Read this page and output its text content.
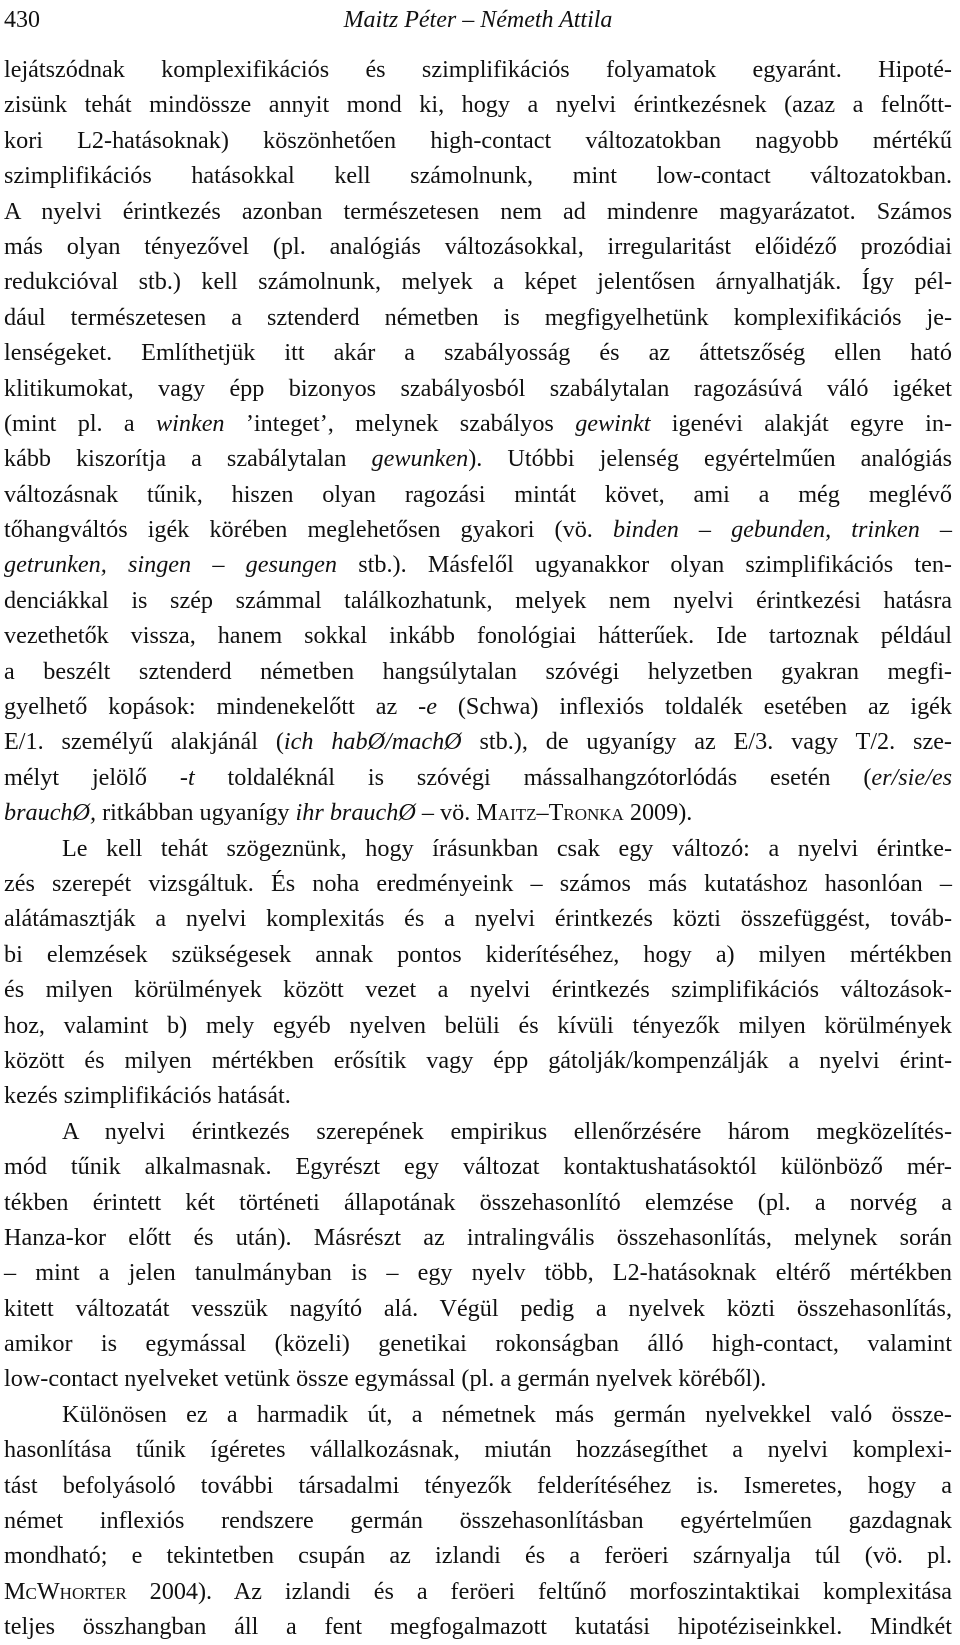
430	Maitz Péter – Németh Attila
lejátszódnak komplexifikációs és szimplifikációs folyamatok egyaránt. Hipoté-
zisünk tehát mindössze annyit mond ki, hogy a nyelvi érintkezésnek (azaz a felnőtt-
kori L2-hatásoknak) köszönhetően high-contact változatokban nagyobb mértékű
szimplifikációs hatásokkal kell számolnunk, mint low-contact változatokban.
A nyelvi érintkezés azonban természetesen nem ad mindenre magyarázatot. Számos
más olyan tényezővel (pl. analógiás változásokkal, irregularitást előidéző prozódiai
redukcióval stb.) kell számolnunk, melyek a képet jelentősen árnyalhatják. Így pél-
dául természetesen a sztenderd németben is megfigyelhetünk komplexifikációs je-
lenségeket. Említhetjük itt akár a szabályosság és az áttetszőség ellen ható
klitikumokat, vagy épp bizonyos szabályosból szabálytalan ragozásúvá váló igéket
(mint pl. a winken ’integet’, melynek szabályos gewinkt igenévi alakját egyre in-
kább kiszorítja a szabálytalan gewunken). Utóbbi jelenség egyértelműen analógiás
változásnak tűnik, hiszen olyan ragozási mintát követ, ami a még meglévő
tőhangváltós igék körében meglehetősen gyakori (vö. binden – gebunden, trinken –
getrunken, singen – gesungen stb.). Másfelől ugyanakkor olyan szimplifikációs ten-
denciákkal is szép számmal találkozhatunk, melyek nem nyelvi érintkezési hatásra
vezethetők vissza, hanem sokkal inkább fonológiai hátterűek. Ide tartoznak például
a beszélt sztenderd németben hangsúlytalan szóvégi helyzetben gyakran megfi-
gyelhető kopások: mindenekelőtt az -e (Schwa) inflexiós toldalék esetében az igék
E/1. személyű alakjánál (ich habØ/machØ stb.), de ugyanígy az E/3. vagy T/2. sze-
mélyt jelölő -t toldaléknál is szóvégi mássalhangzótorlódás esetén (er/sie/es
brauchØ, ritkábban ugyanígy ihr brauchØ – vö. Maitz–Tronka 2009).
Le kell tehát szögeznünk, hogy írásunkban csak egy változó: a nyelvi érintke-
zés szerepét vizsgáltuk. És noha eredményeink – számos más kutatáshoz hasonlóan –
alátámasztják a nyelvi komplexitás és a nyelvi érintkezés közti összefüggést, továb-
bi elemzések szükségesek annak pontos kiderítéséhez, hogy a) milyen mértékben
és milyen körülmények között vezet a nyelvi érintkezés szimplifikációs változások-
hoz, valamint b) mely egyéb nyelven belüli és kívüli tényezők milyen körülmények
között és milyen mértékben erősítik vagy épp gátolják/kompenzálják a nyelvi érint-
kezés szimplifikációs hatását.
A nyelvi érintkezés szerepének empirikus ellenőrzésére három megközelítés-
mód tűnik alkalmasnak. Egyrészt egy változat kontaktushatásoktól különböző mér-
tékben érintett két történeti állapotának összehasonlító elemzése (pl. a norvég a
Hanza-kor előtt és után). Másrészt az intralingvális összehasonlítás, melynek során
– mint a jelen tanulmányban is – egy nyelv több, L2-hatásoknak eltérő mértékben
kitett változatát vesszük nagyító alá. Végül pedig a nyelvek közti összehasonlítás,
amikor is egymással (közeli) genetikai rokonságban álló high-contact, valamint
low-contact nyelveket vetünk össze egymással (pl. a germán nyelvek köréből).
Különösen ez a harmadik út, a németnek más germán nyelvekkel való össze-
hasonlítása tűnik ígéretes vállalkozásnak, miután hozzásegíthet a nyelvi komplexi-
tást befolyásoló további társadalmi tényezők felderítéséhez is. Ismeretes, hogy a
német inflexiós rendszere germán összehasonlításban egyértelműen gazdagnak
mondható; e tekintetben csupán az izlandi és a feröeri szárnyalja túl (vö. pl.
McWhorter 2004). Az izlandi és a feröeri feltűnő morfoszintaktikai komplexitása
teljes összhangban áll a fent megfogalmazott kutatási hipotéziseinkkel. Mindkét
